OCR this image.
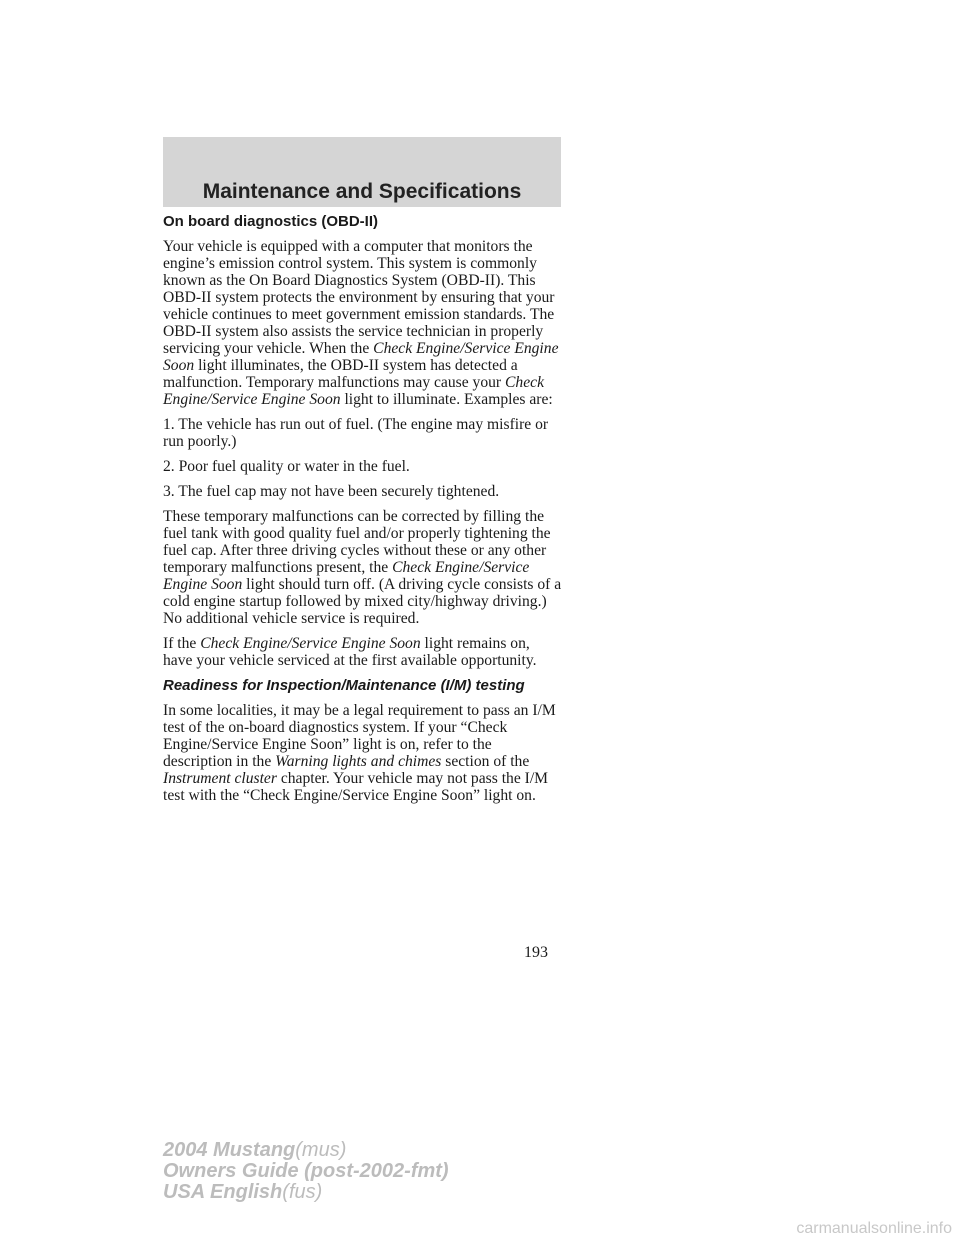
Maintenance and Specifications
On board diagnostics (OBD-II)

Your vehicle is equipped with a computer that monitors the engine’s emission control system. This system is commonly known as the On Board Diagnostics System (OBD-II). This OBD-II system protects the environment by ensuring that your vehicle continues to meet government emission standards. The OBD-II system also assists the service technician in properly servicing your vehicle. When the Check Engine/Service Engine Soon light illuminates, the OBD-II system has detected a malfunction. Temporary malfunctions may cause your Check Engine/Service Engine Soon light to illuminate. Examples are:

1. The vehicle has run out of fuel. (The engine may misfire or run poorly.)

2. Poor fuel quality or water in the fuel.

3. The fuel cap may not have been securely tightened.

These temporary malfunctions can be corrected by filling the fuel tank with good quality fuel and/or properly tightening the fuel cap. After three driving cycles without these or any other temporary malfunctions present, the Check Engine/Service Engine Soon light should turn off. (A driving cycle consists of a cold engine startup followed by mixed city/highway driving.) No additional vehicle service is required.

If the Check Engine/Service Engine Soon light remains on, have your vehicle serviced at the first available opportunity.

Readiness for Inspection/Maintenance (I/M) testing

In some localities, it may be a legal requirement to pass an I/M test of the on-board diagnostics system. If your “Check Engine/Service Engine Soon” light is on, refer to the description in the Warning lights and chimes section of the Instrument cluster chapter. Your vehicle may not pass the I/M test with the “Check Engine/Service Engine Soon” light on.

193
2004 Mustang(mus)
Owners Guide (post-2002-fmt)
USA English(fus)
carmanualsonline.info
